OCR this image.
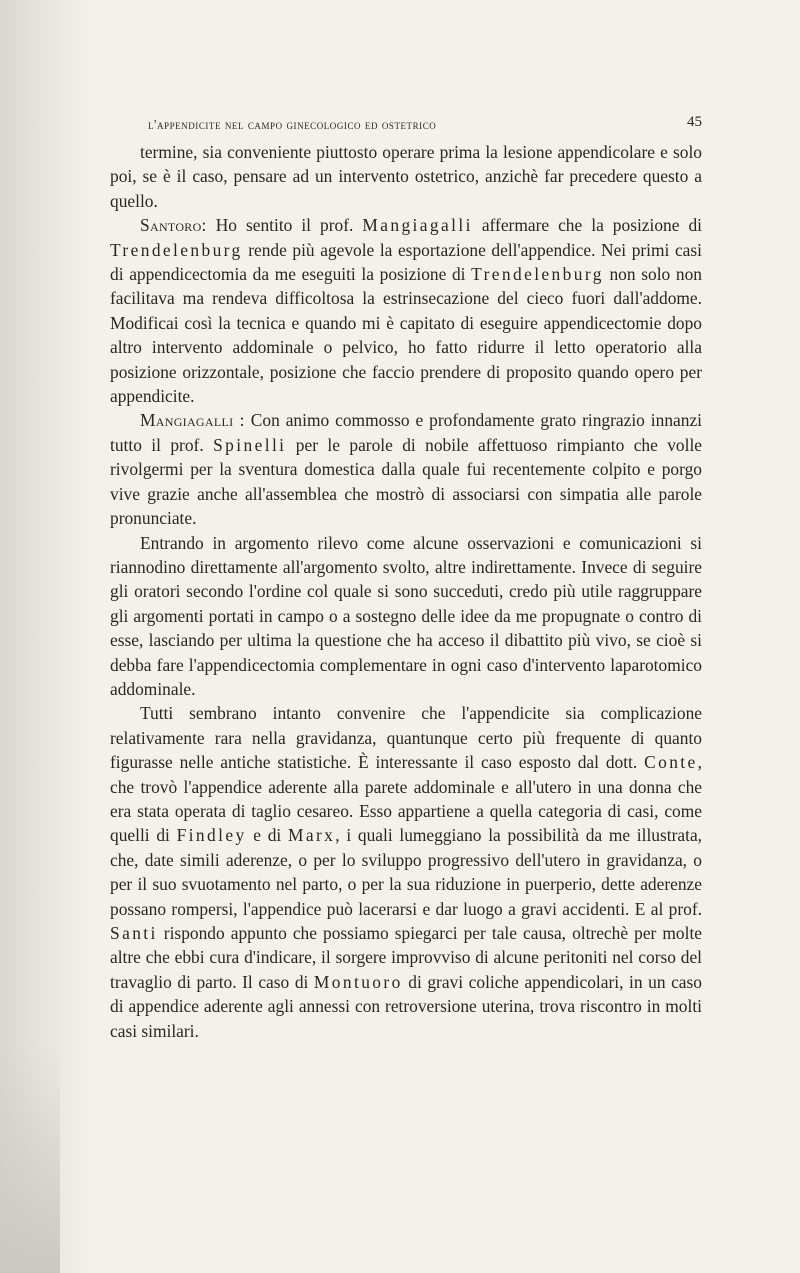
l'appendicite nel campo ginecologico ed ostetrico	45

termine, sia conveniente piuttosto operare prima la lesione appendicolare e solo poi, se è il caso, pensare ad un intervento ostetrico, anzichè far precedere questo a quello.

Santoro: Ho sentito il prof. Mangiagalli affermare che la posizione di Trendelenburg rende più agevole la esportazione dell'appendice. Nei primi casi di appendicectomia da me eseguiti la posizione di Trendelenburg non solo non facilitava ma rendeva difficoltosa la estrinsecazione del cieco fuori dall'addome. Modificai così la tecnica e quando mi è capitato di eseguire appendicectomie dopo altro intervento addominale o pelvico, ho fatto ridurre il letto operatorio alla posizione orizzontale, posizione che faccio prendere di proposito quando opero per appendicite.

Mangiagalli : Con animo commosso e profondamente grato ringrazio innanzi tutto il prof. Spinelli per le parole di nobile affettuoso rimpianto che volle rivolgermi per la sventura domestica dalla quale fui recentemente colpito e porgo vive grazie anche all'assemblea che mostrò di associarsi con simpatia alle parole pronunciate.

Entrando in argomento rilevo come alcune osservazioni e comunicazioni si riannodino direttamente all'argomento svolto, altre indirettamente. Invece di seguire gli oratori secondo l'ordine col quale si sono succeduti, credo più utile raggruppare gli argomenti portati in campo o a sostegno delle idee da me propugnate o contro di esse, lasciando per ultima la questione che ha acceso il dibattito più vivo, se cioè si debba fare l'appendicectomia complementare in ogni caso d'intervento laparotomico addominale.

Tutti sembrano intanto convenire che l'appendicite sia complicazione relativamente rara nella gravidanza, quantunque certo più frequente di quanto figurasse nelle antiche statistiche. È interessante il caso esposto dal dott. Conte, che trovò l'appendice aderente alla parete addominale e all'utero in una donna che era stata operata di taglio cesareo. Esso appartiene a quella categoria di casi, come quelli di Findley e di Marx, i quali lumeggiano la possibilità da me illustrata, che, date simili aderenze, o per lo sviluppo progressivo dell'utero in gravidanza, o per il suo svuotamento nel parto, o per la sua riduzione in puerperio, dette aderenze possano rompersi, l'appendice può lacerarsi e dar luogo a gravi accidenti. E al prof. Santi rispondo appunto che possiamo spiegarci per tale causa, oltrechè per molte altre che ebbi cura d'indicare, il sorgere improvviso di alcune peritoniti nel corso del travaglio di parto. Il caso di Montuoro di gravi coliche appendicolari, in un caso di appendice aderente agli annessi con retroversione uterina, trova riscontro in molti casi similari.
